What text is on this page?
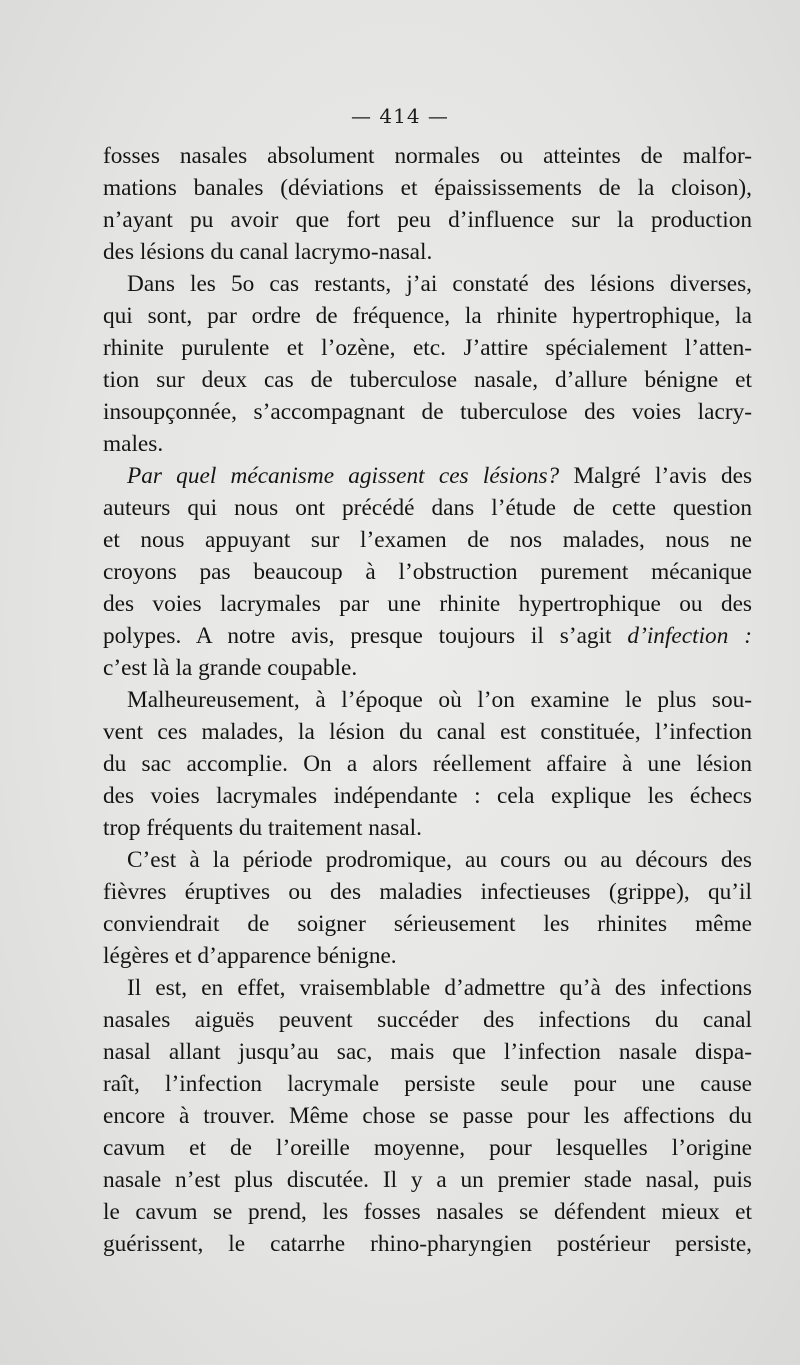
— 414 —
fosses nasales absolument normales ou atteintes de malfor-
mations banales (déviations et épaississements de la cloison),
n’ayant pu avoir que fort peu d’influence sur la production
des lésions du canal lacrymo-nasal.
Dans les 5o cas restants, j’ai constaté des lésions diverses,
qui sont, par ordre de fréquence, la rhinite hypertrophique, la
rhinite purulente et l’ozène, etc. J’attire spécialement l’atten-
tion sur deux cas de tuberculose nasale, d’allure bénigne et
insoupçonnée, s’accompagnant de tuberculose des voies lacry-
males.
Par quel mécanisme agissent ces lésions? Malgré l’avis des
auteurs qui nous ont précédé dans l’étude de cette question
et nous appuyant sur l’examen de nos malades, nous ne
croyons pas beaucoup à l’obstruction purement mécanique
des voies lacrymales par une rhinite hypertrophique ou des
polypes. A notre avis, presque toujours il s’agit d’infection :
c’est là la grande coupable.
Malheureusement, à l’époque où l’on examine le plus sou-
vent ces malades, la lésion du canal est constituée, l’infection
du sac accomplie. On a alors réellement affaire à une lésion
des voies lacrymales indépendante : cela explique les échecs
trop fréquents du traitement nasal.
C’est à la période prodromique, au cours ou au décours des
fièvres éruptives ou des maladies infectieuses (grippe), qu’il
conviendrait de soigner sérieusement les rhinites même
légères et d’apparence bénigne.
Il est, en effet, vraisemblable d’admettre qu’à des infections
nasales aiguës peuvent succéder des infections du canal
nasal allant jusqu’au sac, mais que l’infection nasale dispa-
raît, l’infection lacrymale persiste seule pour une cause
encore à trouver. Même chose se passe pour les affections du
cavum et de l’oreille moyenne, pour lesquelles l’origine
nasale n’est plus discutée. Il y a un premier stade nasal, puis
le cavum se prend, les fosses nasales se défendent mieux et
guérissent, le catarrhe rhino-pharyngien postérieur persiste,
